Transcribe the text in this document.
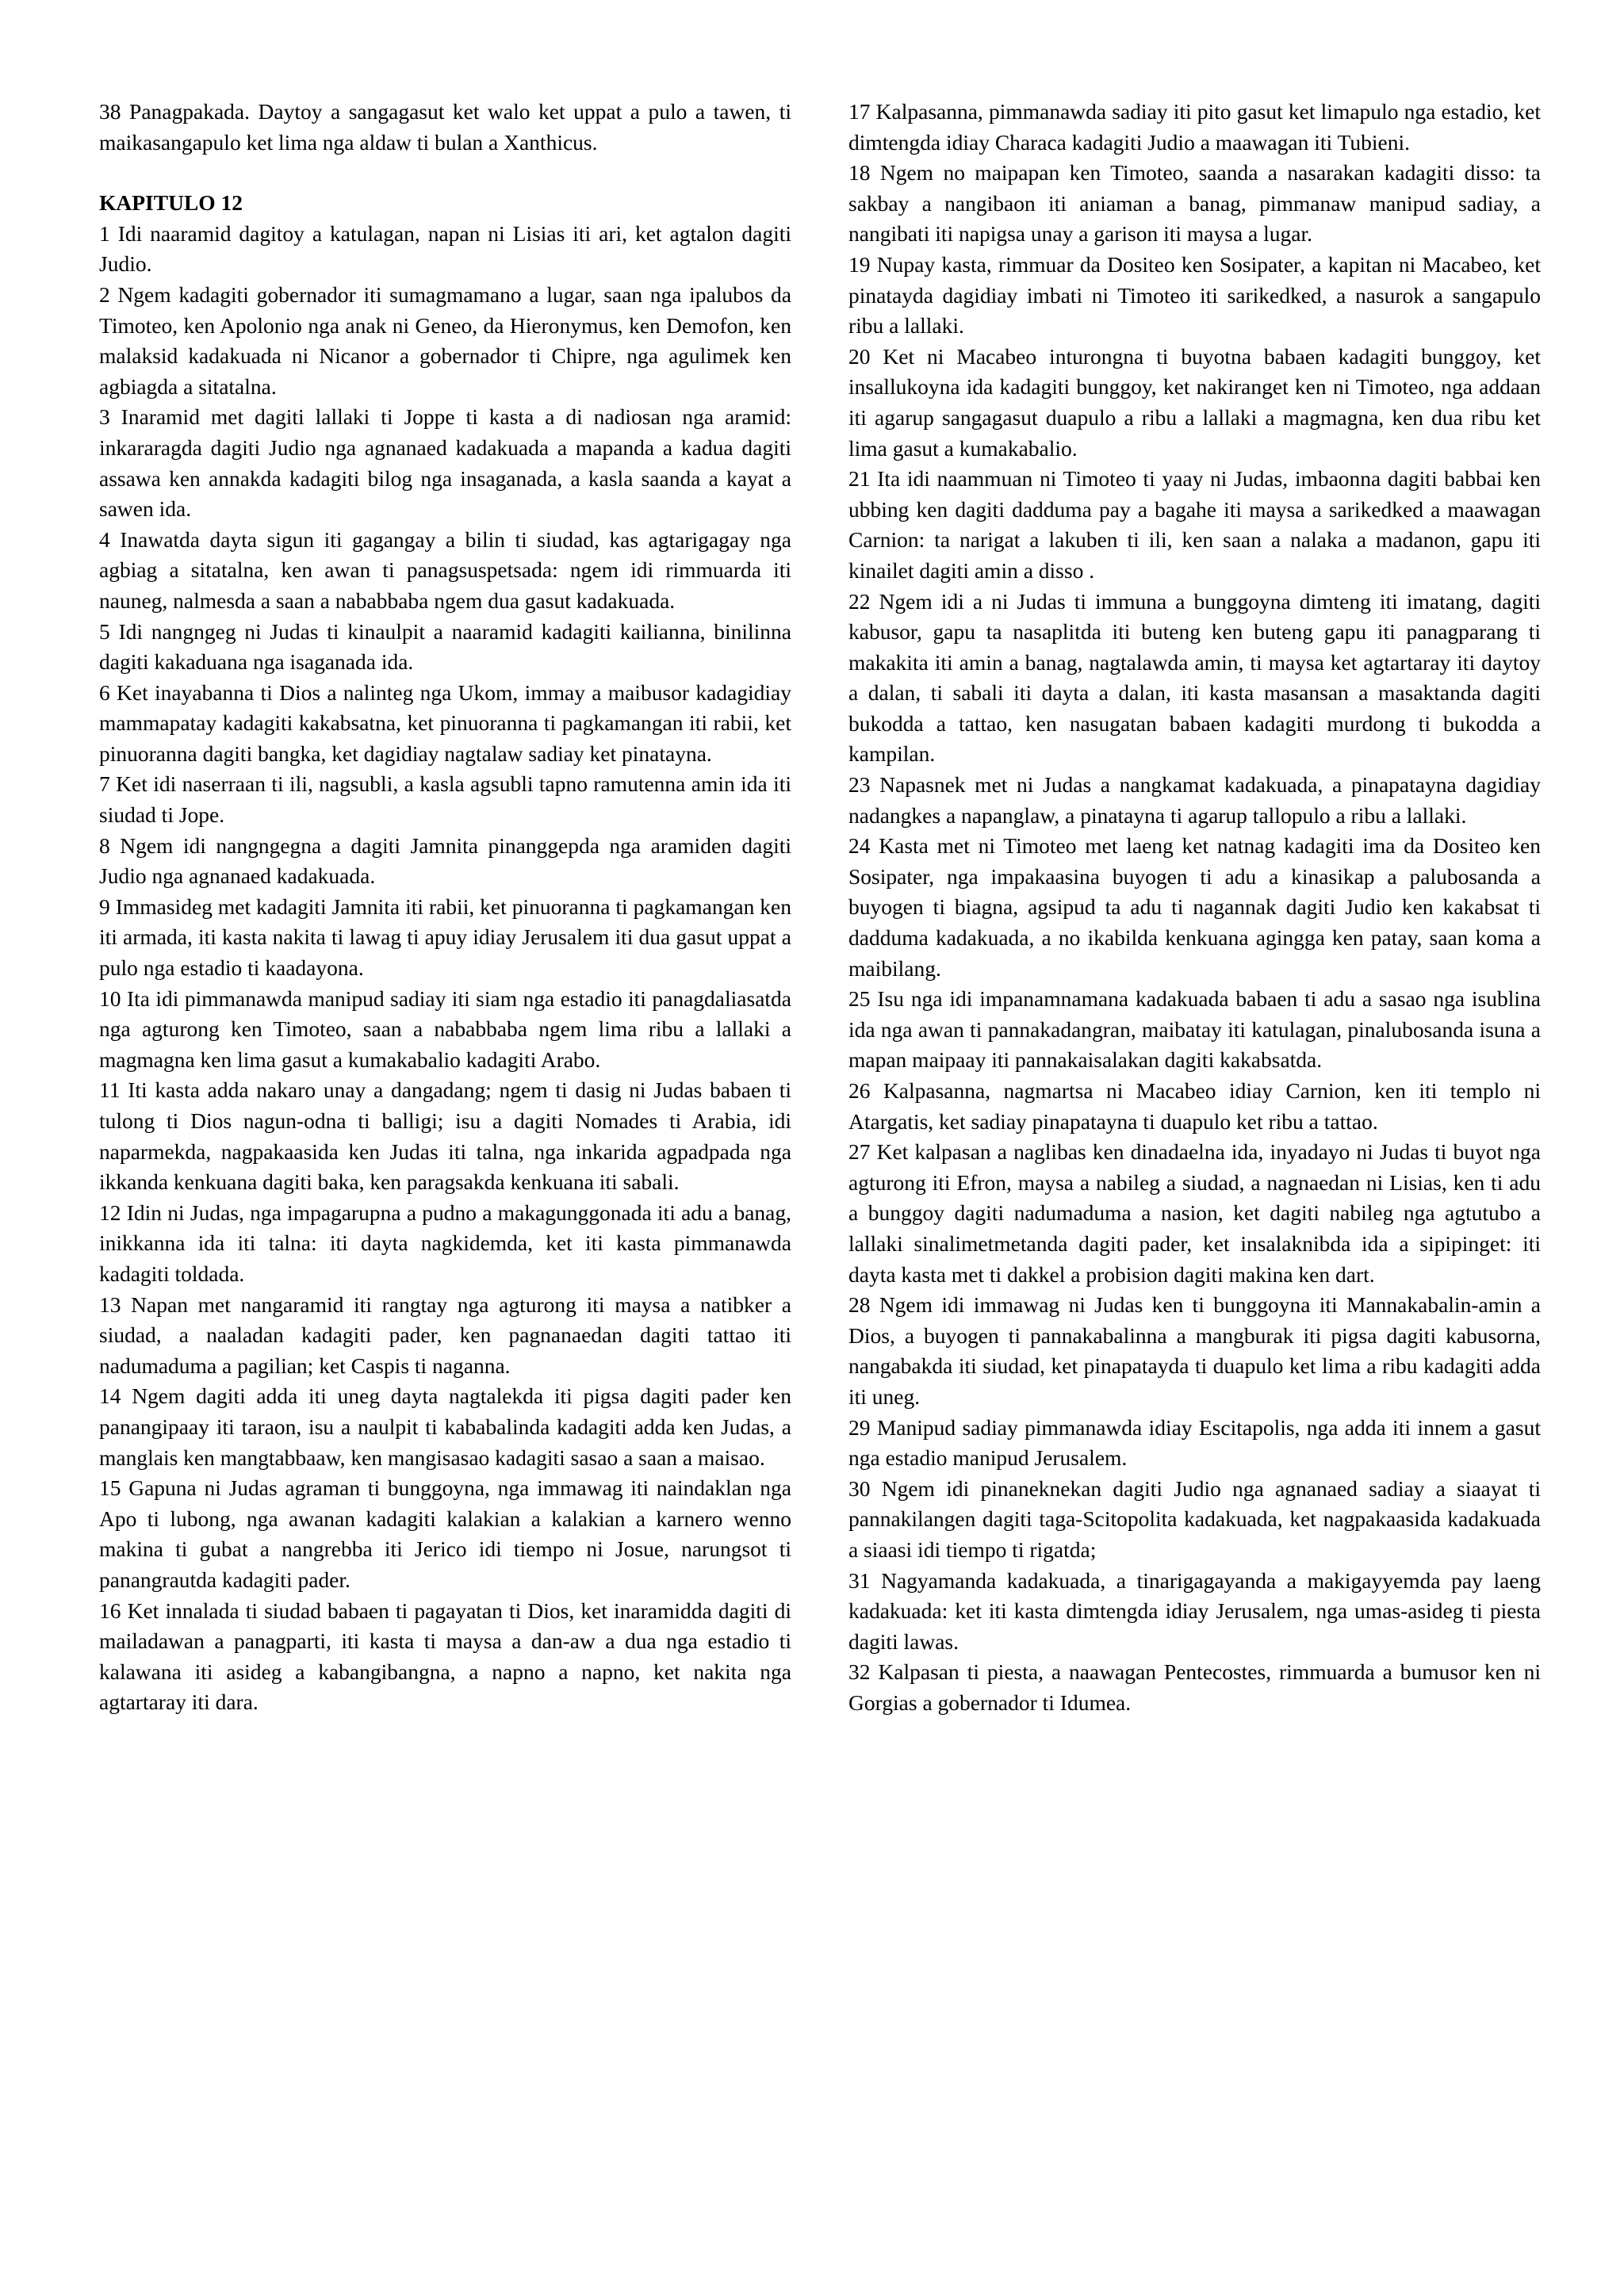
38 Panagpakada. Daytoy a sangagasut ket walo ket uppat a pulo a tawen, ti maikasangapulo ket lima nga aldaw ti bulan a Xanthicus.

KAPITULO 12

1 Idi naaramid dagitoy a katulagan, napan ni Lisias iti ari, ket agtalon dagiti Judio.

2 Ngem kadagiti gobernador iti sumagmamano a lugar, saan nga ipalubos da Timoteo, ken Apolonio nga anak ni Geneo, da Hieronymus, ken Demofon, ken malaksid kadakuada ni Nicanor a gobernador ti Chipre, nga agulimek ken agbiagda a sitatalna.

3 Inaramid met dagiti lallaki ti Joppe ti kasta a di nadiosan nga aramid: inkararagda dagiti Judio nga agnanaed kadakuada a mapanda a kadua dagiti assawa ken annakda kadagiti bilog nga insaganada, a kasla saanda a kayat a sawen ida.

4 Inawatda dayta sigun iti gagangay a bilin ti siudad, kas agtarigagay nga agbiag a sitatalna, ken awan ti panagsuspetsada: ngem idi rimmuarda iti nauneg, nalmesda a saan a nababbaba ngem dua gasut kadakuada.

5 Idi nangngeg ni Judas ti kinaulpit a naaramid kadagiti kailianna, binilinna dagiti kakaduana nga isaganada ida.

6 Ket inayabanna ti Dios a nalinteg nga Ukom, immay a maibusor kadagidiay mammapatay kadagiti kakabsatna, ket pinuoranna ti pagkamangan iti rabii, ket pinuoranna dagiti bangka, ket dagidiay nagtalaw sadiay ket pinatayna.

7 Ket idi naserraan ti ili, nagsubli, a kasla agsubli tapno ramutenna amin ida iti siudad ti Jope.

8 Ngem idi nangngegna a dagiti Jamnita pinanggepda nga aramiden dagiti Judio nga agnanaed kadakuada.

9 Immasideg met kadagiti Jamnita iti rabii, ket pinuoranna ti pagkamangan ken iti armada, iti kasta nakita ti lawag ti apuy idiay Jerusalem iti dua gasut uppat a pulo nga estadio ti kaadayona.

10 Ita idi pimmanawda manipud sadiay iti siam nga estadio iti panagdaliasatda nga agturong ken Timoteo, saan a nababbaba ngem lima ribu a lallaki a magmagna ken lima gasut a kumakabalio kadagiti Arabo.

11 Iti kasta adda nakaro unay a dangadang; ngem ti dasig ni Judas babaen ti tulong ti Dios nagun-odna ti balligi; isu a dagiti Nomades ti Arabia, idi naparmekda, nagpakaasida ken Judas iti talna, nga inkarida agpadpada nga ikkanda kenkuana dagiti baka, ken paragsakda kenkuana iti sabali.

12 Idin ni Judas, nga impagarupna a pudno a makagunggonada iti adu a banag, inikkanna ida iti talna: iti dayta nagkidemda, ket iti kasta pimmanawda kadagiti toldada.

13 Napan met nangaramid iti rangtay nga agturong iti maysa a natibker a siudad, a naaladan kadagiti pader, ken pagnanaedan dagiti tattao iti nadumaduma a pagilian; ket Caspis ti naganna.

14 Ngem dagiti adda iti uneg dayta nagtalekda iti pigsa dagiti pader ken panangipaay iti taraon, isu a naulpit ti kababalinda kadagiti adda ken Judas, a manglais ken mangtabbaaw, ken mangisasao kadagiti sasao a saan a maisao.

15 Gapuna ni Judas agraman ti bunggoyna, nga immawag iti naindaklan nga Apo ti lubong, nga awanan kadagiti kalakian a kalakian a karnero wenno makina ti gubat a nangrebba iti Jerico idi tiempo ni Josue, narungsot ti panangrautda kadagiti pader.

16 Ket innalada ti siudad babaen ti pagayatan ti Dios, ket inaramidda dagiti di mailadawan a panagparti, iti kasta ti maysa a dan-aw a dua nga estadio ti kalawana iti asideg a kabangibangna, a napno a napno, ket nakita nga agtartaray iti dara.

17 Kalpasanna, pimmanawda sadiay iti pito gasut ket limapulo nga estadio, ket dimtengda idiay Characa kadagiti Judio a maawagan iti Tubieni.

18 Ngem no maipapan ken Timoteo, saanda a nasarakan kadagiti disso: ta sakbay a nangibaon iti aniaman a banag, pimmanaw manipud sadiay, a nangibati iti napigsa unay a garison iti maysa a lugar.

19 Nupay kasta, rimmuar da Dositeo ken Sosipater, a kapitan ni Macabeo, ket pinatayda dagidiay imbati ni Timoteo iti sarikedked, a nasurok a sangapulo ribu a lallaki.

20 Ket ni Macabeo inturongna ti buyotna babaen kadagiti bunggoy, ket insallukoyna ida kadagiti bunggoy, ket nakiranget ken ni Timoteo, nga addaan iti agarup sangagasut duapulo a ribu a lallaki a magmagna, ken dua ribu ket lima gasut a kumakabalio.

21 Ita idi naammuan ni Timoteo ti yaay ni Judas, imbaonna dagiti babbai ken ubbing ken dagiti dadduma pay a bagahe iti maysa a sarikedked a maawagan Carnion: ta narigat a lakuben ti ili, ken saan a nalaka a madanon, gapu iti kinailet dagiti amin a disso .

22 Ngem idi a ni Judas ti immuna a bunggoyna dimteng iti imatang, dagiti kabusor, gapu ta nasaplitda iti buteng ken buteng gapu iti panagparang ti makakita iti amin a banag, nagtalawda amin, ti maysa ket agtartaray iti daytoy a dalan, ti sabali iti dayta a dalan, iti kasta masansan a masaktanda dagiti bukodda a tattao, ken nasugatan babaen kadagiti murdong ti bukodda a kampilan.

23 Napasnek met ni Judas a nangkamat kadakuada, a pinapatayna dagidiay nadangkes a napanglaw, a pinatayna ti agarup tallopulo a ribu a lallaki.

24 Kasta met ni Timoteo met laeng ket natnag kadagiti ima da Dositeo ken Sosipater, nga impakaasina buyogen ti adu a kinasikap a palubosanda a buyogen ti biagna, agsipud ta adu ti nagannak dagiti Judio ken kakabsat ti dadduma kadakuada, a no ikabilda kenkuana agingga ken patay, saan koma a maibilang.

25 Isu nga idi impanamnamana kadakuada babaen ti adu a sasao nga isublina ida nga awan ti pannakadangran, maibatay iti katulagan, pinalubosanda isuna a mapan maipaay iti pannakaisalakan dagiti kakabsatda.

26 Kalpasanna, nagmartsa ni Macabeo idiay Carnion, ken iti templo ni Atargatis, ket sadiay pinapatayna ti duapulo ket ribu a tattao.

27 Ket kalpasan a naglibas ken dinadaelna ida, inyadayo ni Judas ti buyot nga agturong iti Efron, maysa a nabileg a siudad, a nagnaedan ni Lisias, ken ti adu a bunggoy dagiti nadumaduma a nasion, ket dagiti nabileg nga agtutubo a lallaki sinalimetmetanda dagiti pader, ket insalaknibda ida a sipipinget: iti dayta kasta met ti dakkel a probision dagiti makina ken dart.

28 Ngem idi immawag ni Judas ken ti bunggoyna iti Mannakabalin-amin a Dios, a buyogen ti pannakabalinna a mangburak iti pigsa dagiti kabusorna, nangabakda iti siudad, ket pinapatayda ti duapulo ket lima a ribu kadagiti adda iti uneg.

29 Manipud sadiay pimmanawda idiay Escitapolis, nga adda iti innem a gasut nga estadio manipud Jerusalem.

30 Ngem idi pinaneknekan dagiti Judio nga agnanaed sadiay a siaayat ti pannakilangen dagiti taga-Scitopolita kadakuada, ket nagpakaasida kadakuada a siaasi idi tiempo ti rigatda;

31 Nagyamanda kadakuada, a tinarigagayanda a makigayyemda pay laeng kadakuada: ket iti kasta dimtengda idiay Jerusalem, nga umas-asideg ti piesta dagiti lawas.

32 Kalpasan ti piesta, a naawagan Pentecostes, rimmuarda a bumusor ken ni Gorgias a gobernador ti Idumea.
